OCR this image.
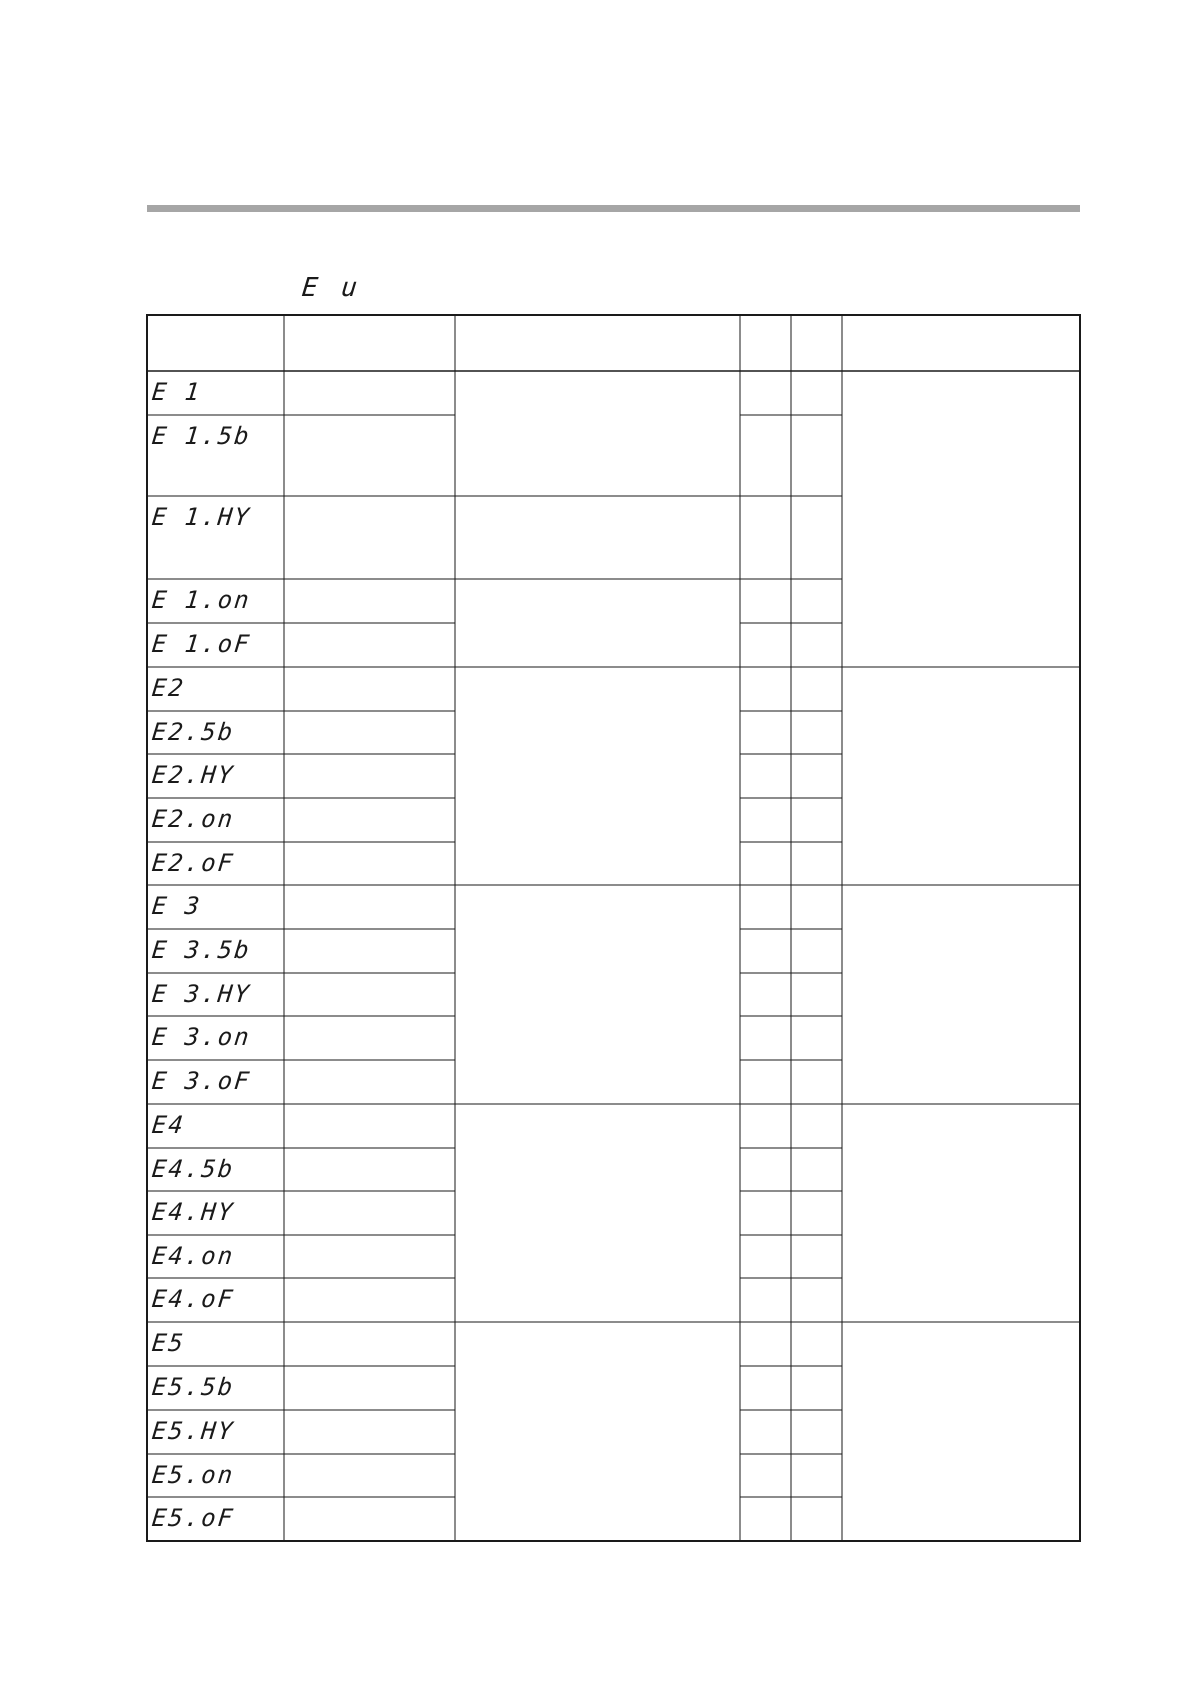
E u
E 1
E 1.5b
E 1.HY
E 1.on
E 1.oF
E2
E2.5b
E2.HY
E2.on
E2.oF
E 3
E 3.5b
E 3.HY
E 3.on
E 3.oF
E4
E4.5b
E4.HY
E4.on
E4.oF
E5
E5.5b
E5.HY
E5.on
E5.oF
